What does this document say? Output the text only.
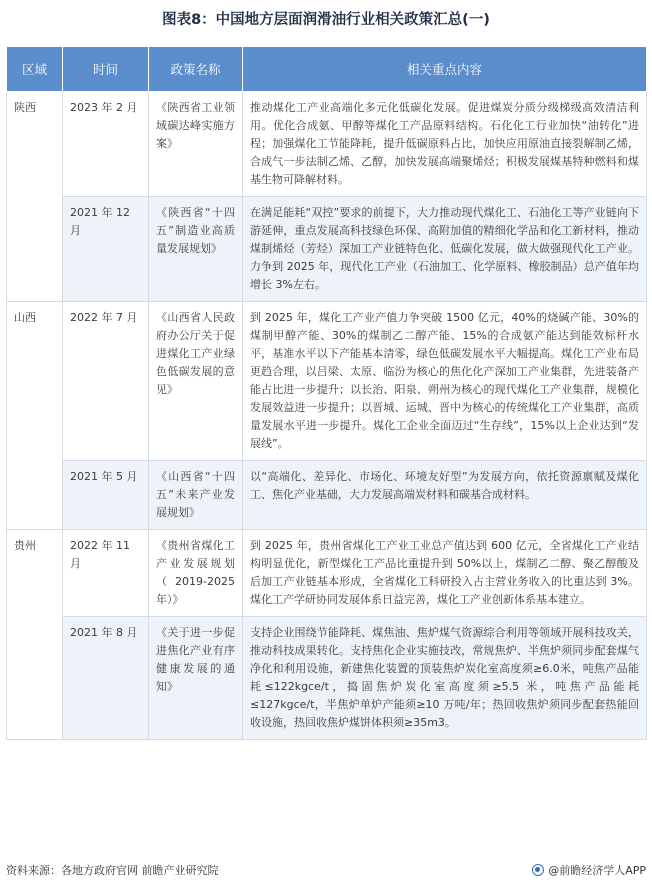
图表8：中国地方层面润滑油行业相关政策汇总(一)
区域	时间	政策名称	相关重点内容
陕西	2023 年 2 月	《陕西省工业领域碳达峰实施方案》	推动煤化工产业高端化多元化低碳化发展。促进煤炭分质分级梯级高效清洁利用。优化合成氨、甲醇等煤化工产品原料结构。石化化工行业加快“油转化”进程；加强煤化工节能降耗，提升低碳原料占比，加快应用原油直接裂解制乙烯，合成气一步法制乙烯、乙醇，加快发展高端聚烯烃；积极发展煤基特种燃料和煤基生物可降解材料。
	2021 年 12 月	《陕西省“十四五”制造业高质量发展规划》	在满足能耗“双控”要求的前提下，大力推动现代煤化工、石油化工等产业链向下游延伸，重点发展高科技绿色环保、高附加值的精细化学品和化工新材料，推动煤制烯烃（芳烃）深加工产业链特色化、低碳化发展，做大做强现代化工产业。力争到 2025 年，现代化工产业（石油加工、化学原料、橡胶制品）总产值年均增长 3%左右。
山西	2022 年 7 月	《山西省人民政府办公厅关于促进煤化工产业绿色低碳发展的意见》	到 2025 年，煤化工产业产值力争突破 1500 亿元，40%的烧碱产能、30%的煤制甲醇产能、30%的煤制乙二醇产能、15%的合成氨产能达到能效标杆水平，基准水平以下产能基本清零，绿色低碳发展水平大幅提高。煤化工产业布局更趋合理，以吕梁、太原、临汾为核心的焦化化产深加工产业集群，先进装备产能占比进一步提升；以长治、阳泉、朔州为核心的现代煤化工产业集群，规模化发展效益进一步提升；以晋城、运城、晋中为核心的传统煤化工产业集群，高质量发展水平进一步提升。煤化工企业全面迈过“生存线”，15%以上企业达到“发展线”。
	2021 年 5 月	《山西省“十四五”未来产业发展规划》	以“高端化、差异化、市场化、环境友好型”为发展方向，依托资源禀赋及煤化工、焦化产业基础，大力发展高端炭材料和碳基合成材料。
贵州	2022 年 11 月	《贵州省煤化工产业发展规划（2019-2025年）》	到 2025 年，贵州省煤化工产业工业总产值达到 600 亿元，全省煤化工产业结构明显优化，新型煤化工产品比重提升到 50%以上，煤制乙二醇、聚乙醇酸及后加工产业链基本形成，全省煤化工科研投入占主营业务收入的比重达到 3%。煤化工产学研协同发展体系日益完善，煤化工产业创新体系基本建立。
	2021 年 8 月	《关于进一步促进焦化产业有序健康发展的通知》	支持企业围绕节能降耗、煤焦油、焦炉煤气资源综合利用等领域开展科技攻关，推动科技成果转化。支持焦化企业实施技改，常规焦炉、半焦炉须同步配套煤气净化和利用设施，新建焦化装置的顶装焦炉炭化室高度须≥6.0米，吨焦产品能耗≤122kgce/t，捣固焦炉炭化室高度须≥5.5 米，吨焦产品能耗≤127kgce/t，半焦炉单炉产能须≥10 万吨/年；热回收焦炉须同步配套热能回收设施，热回收焦炉煤饼体积须≥35m3。
资料来源：各地方政府官网 前瞻产业研究院	@前瞻经济学人APP
